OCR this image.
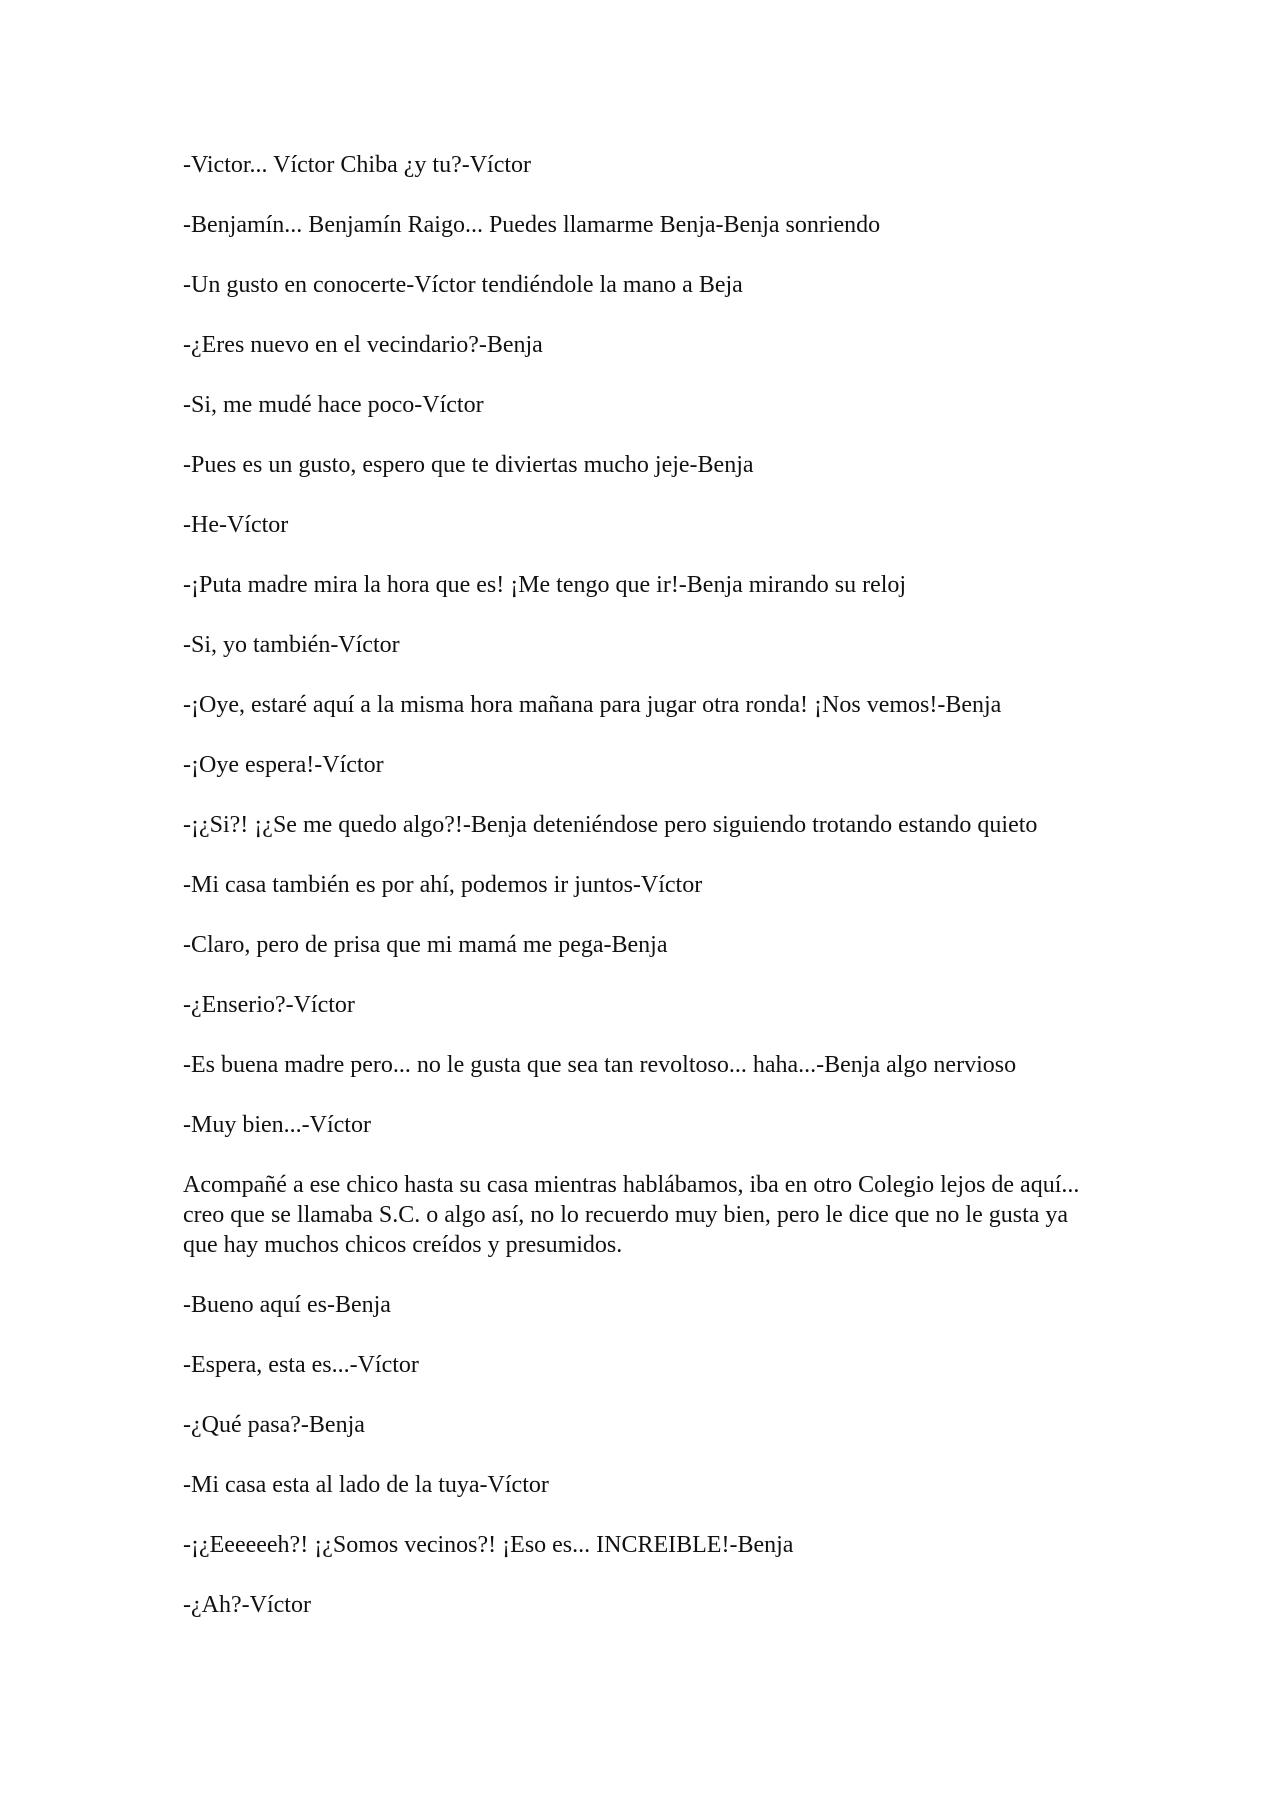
-Victor... Víctor Chiba ¿y tu?-Víctor

-Benjamín... Benjamín Raigo... Puedes llamarme Benja-Benja sonriendo

-Un gusto en conocerte-Víctor tendiéndole la mano a Beja

-¿Eres nuevo en el vecindario?-Benja

-Si, me mudé hace poco-Víctor

-Pues es un gusto, espero que te diviertas mucho jeje-Benja

-He-Víctor

-¡Puta madre mira la hora que es! ¡Me tengo que ir!-Benja mirando su reloj

-Si, yo también-Víctor

-¡Oye, estaré aquí a la misma hora mañana para jugar otra ronda! ¡Nos vemos!-Benja

-¡Oye espera!-Víctor

-¡¿Si?! ¡¿Se me quedo algo?!-Benja deteniéndose pero siguiendo trotando estando quieto

-Mi casa también es por ahí, podemos ir juntos-Víctor

-Claro, pero de prisa que mi mamá me pega-Benja

-¿Enserio?-Víctor

-Es buena madre pero... no le gusta que sea tan revoltoso... haha...-Benja algo nervioso

-Muy bien...-Víctor

Acompañé a ese chico hasta su casa mientras hablábamos, iba en otro Colegio lejos de aquí... creo que se llamaba S.C. o algo así, no lo recuerdo muy bien, pero le dice que no le gusta ya que hay muchos chicos creídos y presumidos.

-Bueno aquí es-Benja

-Espera, esta es...-Víctor

-¿Qué pasa?-Benja

-Mi casa esta al lado de la tuya-Víctor

-¡¿Eeeeeeh?! ¡¿Somos vecinos?! ¡Eso es... INCREIBLE!-Benja

-¿Ah?-Víctor
